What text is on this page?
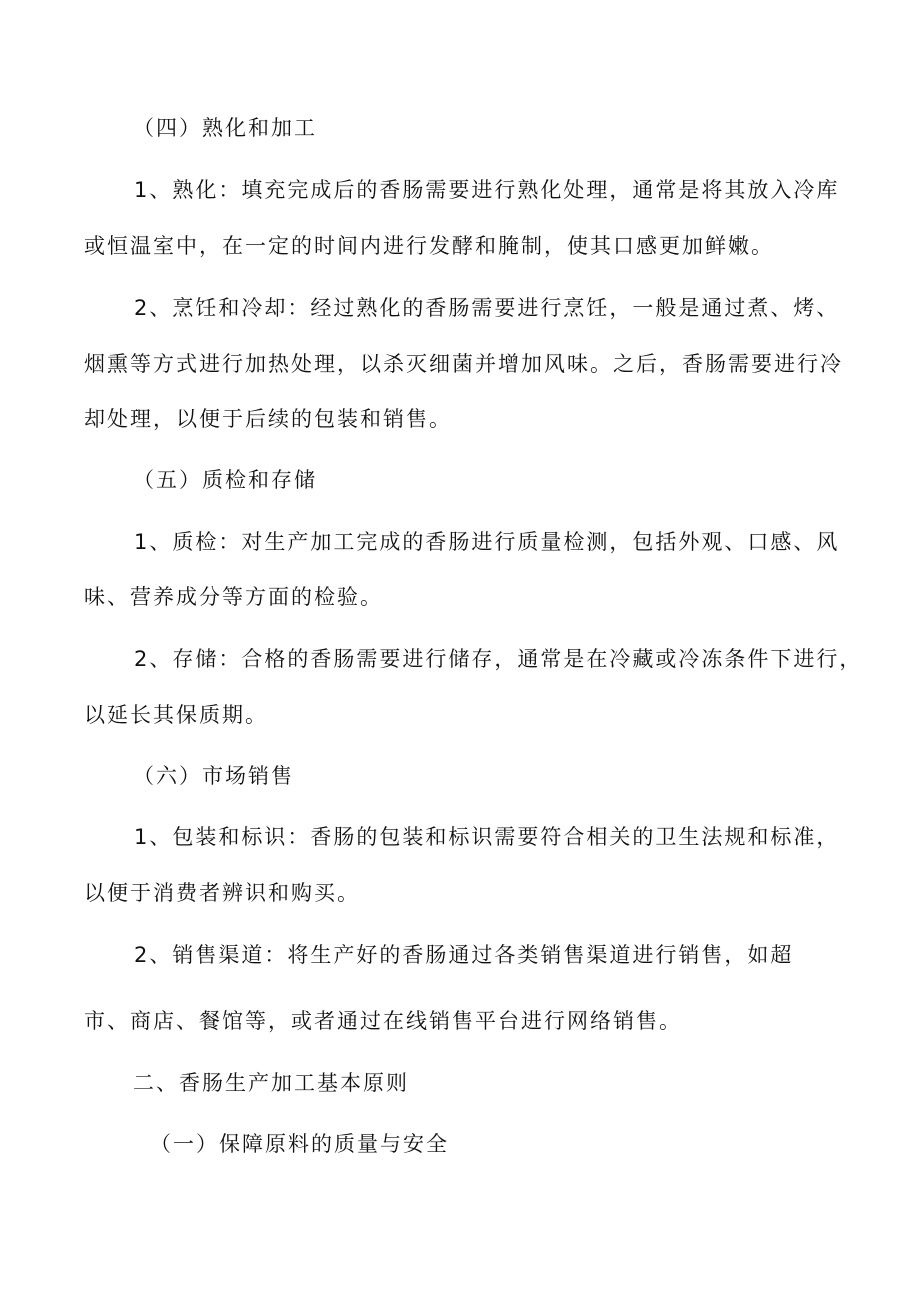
（四）熟化和加工

1、熟化：填充完成后的香肠需要进行熟化处理，通常是将其放入冷库

或恒温室中，在一定的时间内进行发酵和腌制，使其口感更加鲜嫩。

2、烹饪和冷却：经过熟化的香肠需要进行烹饪，一般是通过煮、烤、

烟熏等方式进行加热处理，以杀灭细菌并增加风味。之后，香肠需要进行冷

却处理，以便于后续的包装和销售。

（五）质检和存储

1、质检：对生产加工完成的香肠进行质量检测，包括外观、口感、风

味、营养成分等方面的检验。

2、存储：合格的香肠需要进行储存，通常是在冷藏或冷冻条件下进行，

以延长其保质期。

（六）市场销售

1、包装和标识：香肠的包装和标识需要符合相关的卫生法规和标准，

以便于消费者辨识和购买。

2、销售渠道：将生产好的香肠通过各类销售渠道进行销售，如超

市、商店、餐馆等，或者通过在线销售平台进行网络销售。

二、香肠生产加工基本原则

（一）保障原料的质量与安全
